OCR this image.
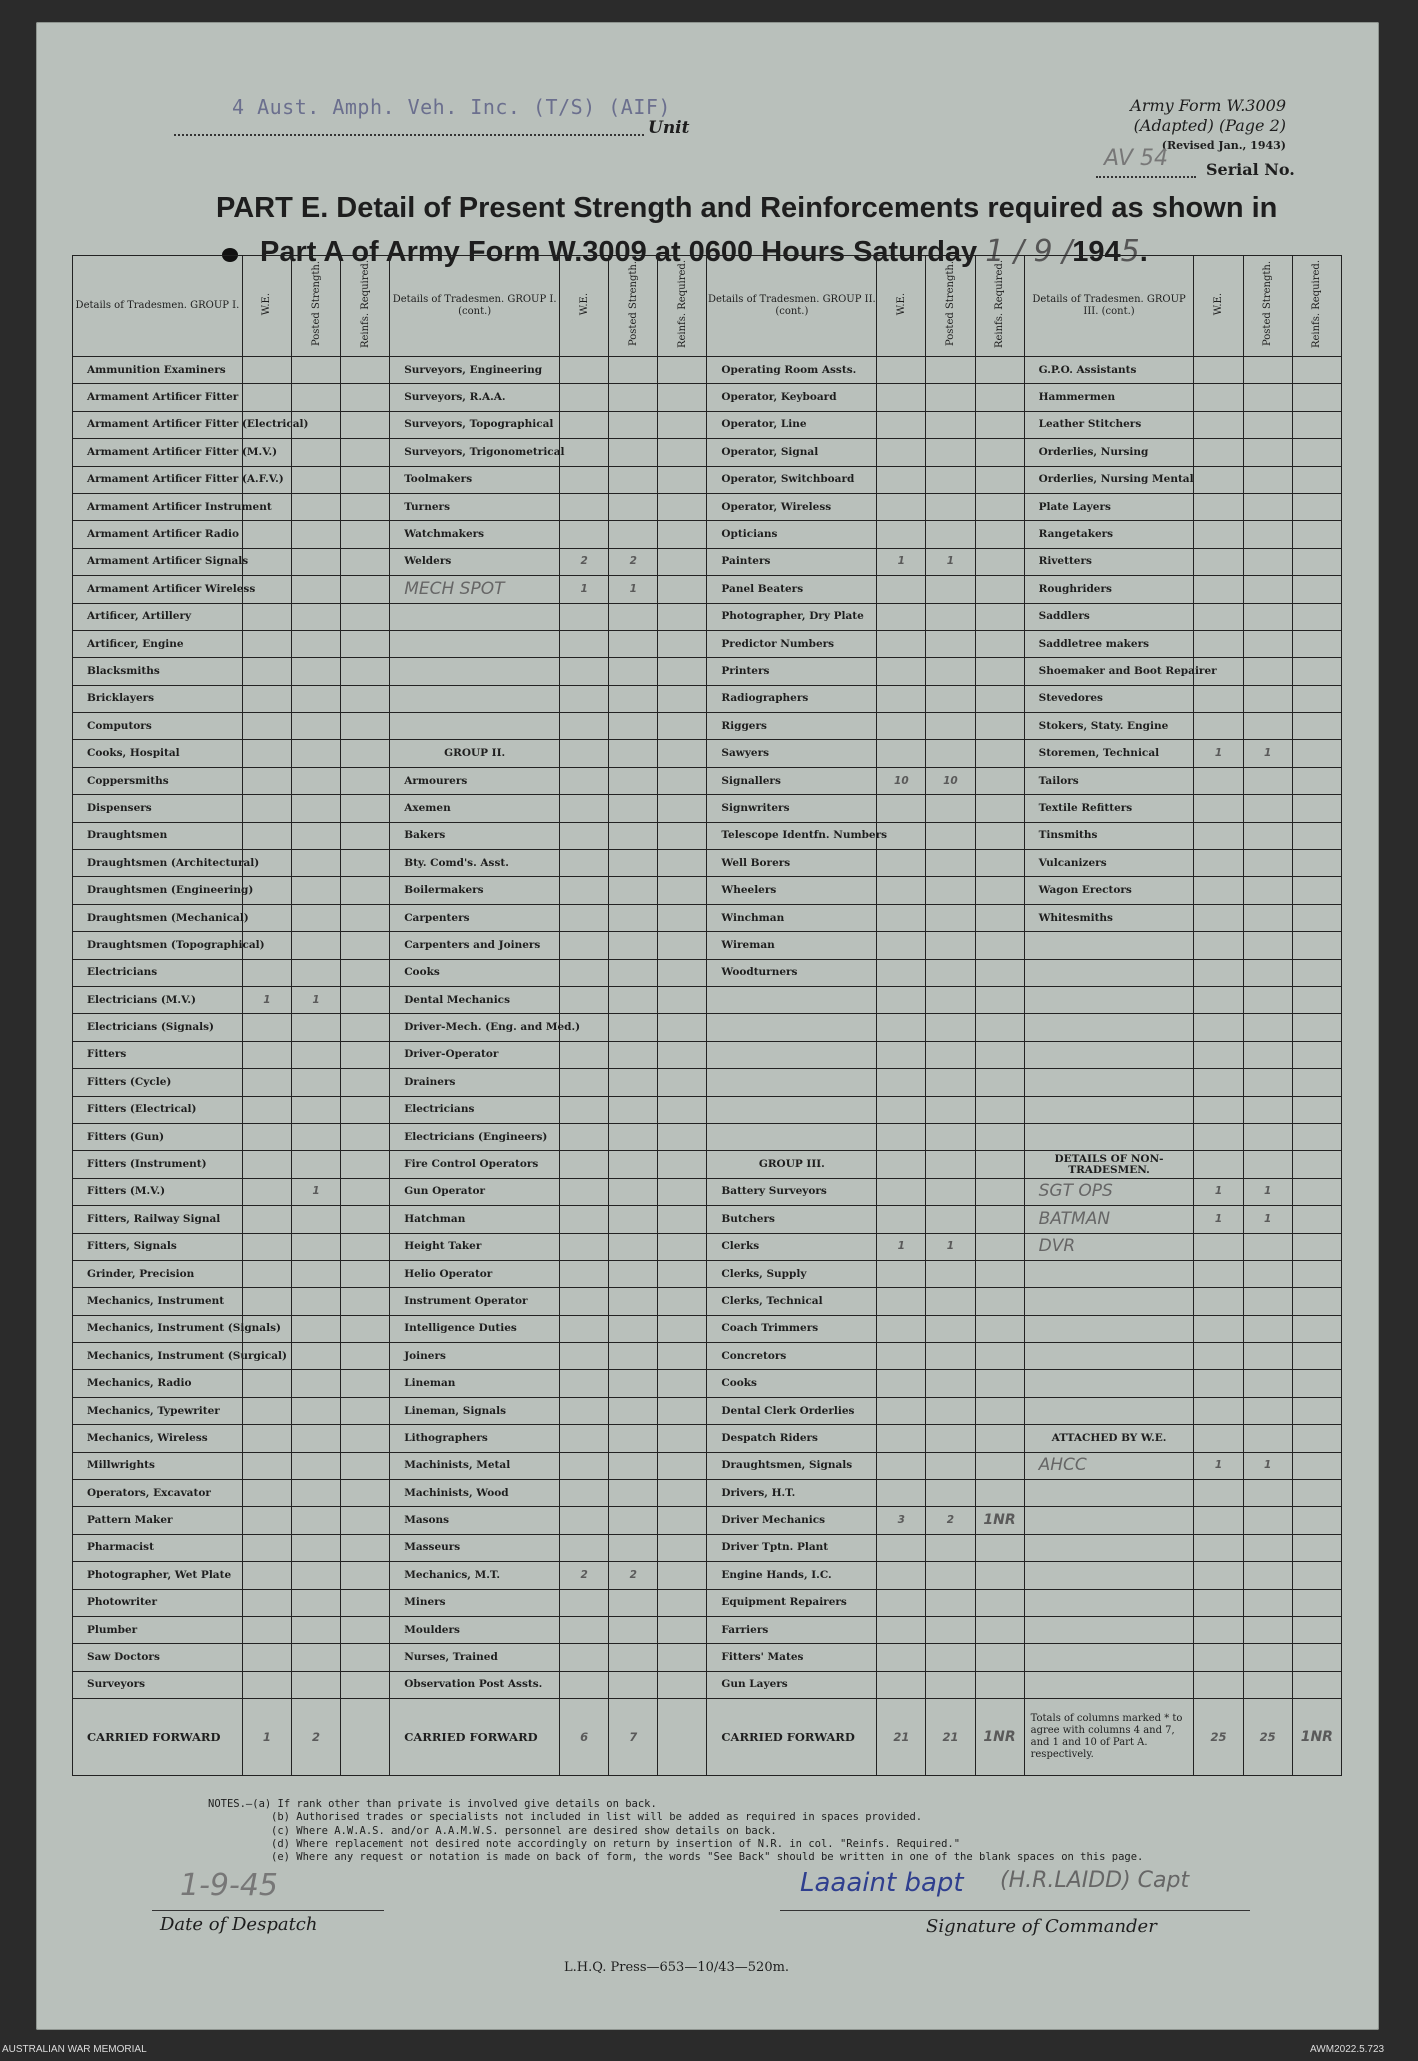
4 Aust. Amph. Veh. Inc. (T/S) (AIF)
Unit
Army Form W.3009
(Adapted) (Page 2)
(Revised Jan., 1943)
AV 54 Serial No.
PART E. Detail of Present Strength and Reinforcements required as shown in
Part A of Army Form W.3009 at 0600 Hours Saturday 1 / 9 /1945.
Details of Tradesmen. GROUP I.	W.E.	Posted Strength.	Reinfs. Required.	Details of Tradesmen. GROUP I. (cont.)	W.E.	Posted Strength.	Reinfs. Required.	Details of Tradesmen. GROUP II. (cont.)	W.E.	Posted Strength.	Reinfs. Required.	Details of Tradesmen. GROUP III. (cont.)	W.E.	Posted Strength.	Reinfs. Required.
Ammunition Examiners				Surveyors, Engineering				Operating Room Assts.				G.P.O. Assistants			
Armament Artificer Fitter				Surveyors, R.A.A.				Operator, Keyboard				Hammermen			
Armament Artificer Fitter (Electrical)				Surveyors, Topographical				Operator, Line				Leather Stitchers			
Armament Artificer Fitter (M.V.)				Surveyors, Trigonometrical				Operator, Signal				Orderlies, Nursing			
Armament Artificer Fitter (A.F.V.)				Toolmakers				Operator, Switchboard				Orderlies, Nursing Mental			
Armament Artificer Instrument				Turners				Operator, Wireless				Plate Layers			
Armament Artificer Radio				Watchmakers				Opticians				Rangetakers			
Armament Artificer Signals				Welders	2	2		Painters	1	1		Rivetters			
Armament Artificer Wireless				MECH SPOT	1	1		Panel Beaters				Roughriders			
Artificer, Artillery								Photographer, Dry Plate				Saddlers			
Artificer, Engine								Predictor Numbers				Saddletree makers			
Blacksmiths								Printers				Shoemaker and Boot Repairer			
Bricklayers								Radiographers				Stevedores			
Computors								Riggers				Stokers, Staty. Engine			
Cooks, Hospital				GROUP II.				Sawyers				Storemen, Technical	1	1	
Coppersmiths				Armourers				Signallers	10	10		Tailors			
Dispensers				Axemen				Signwriters				Textile Refitters			
Draughtsmen				Bakers				Telescope Identfn. Numbers				Tinsmiths			
Draughtsmen (Architectural)				Bty. Comd's. Asst.				Well Borers				Vulcanizers			
Draughtsmen (Engineering)				Boilermakers				Wheelers				Wagon Erectors			
Draughtsmen (Mechanical)				Carpenters				Winchman				Whitesmiths			
Draughtsmen (Topographical)				Carpenters and Joiners				Wireman							
Electricians				Cooks				Woodturners							
Electricians (M.V.)	1	1		Dental Mechanics											
Electricians (Signals)				Driver-Mech. (Eng. and Med.)											
Fitters				Driver-Operator											
Fitters (Cycle)				Drainers											
Fitters (Electrical)				Electricians											
Fitters (Gun)				Electricians (Engineers)											
Fitters (Instrument)				Fire Control Operators				GROUP III.				DETAILS OF NON-TRADESMEN.			
Fitters (M.V.)		1		Gun Operator				Battery Surveyors				SGT OPS	1	1	
Fitters, Railway Signal				Hatchman				Butchers				BATMAN	1	1	
Fitters, Signals				Height Taker				Clerks	1	1		DVR			
Grinder, Precision				Helio Operator				Clerks, Supply							
Mechanics, Instrument				Instrument Operator				Clerks, Technical							
Mechanics, Instrument (Signals)				Intelligence Duties				Coach Trimmers							
Mechanics, Instrument (Surgical)				Joiners				Concretors							
Mechanics, Radio				Lineman				Cooks							
Mechanics, Typewriter				Lineman, Signals				Dental Clerk Orderlies							
Mechanics, Wireless				Lithographers				Despatch Riders				ATTACHED BY W.E.			
Millwrights				Machinists, Metal				Draughtsmen, Signals				AHCC	1	1	
Operators, Excavator				Machinists, Wood				Drivers, H.T.							
Pattern Maker				Masons				Driver Mechanics	3	2	1NR				
Pharmacist				Masseurs				Driver Tptn. Plant							
Photographer, Wet Plate				Mechanics, M.T.	2	2		Engine Hands, I.C.							
Photowriter				Miners				Equipment Repairers							
Plumber				Moulders				Farriers							
Saw Doctors				Nurses, Trained				Fitters' Mates							
Surveyors				Observation Post Assts.				Gun Layers							
CARRIED FORWARD	1	2		CARRIED FORWARD	6	7		CARRIED FORWARD	21	21	1NR	Totals of columns marked * to agree with columns 4 and 7, and 1 and 10 of Part A. respectively.	25	25	1NR
NOTES.—(a) If rank other than private is involved give details on back.
(b) Authorised trades or specialists not included in list will be added as required in spaces provided.
(c) Where A.W.A.S. and/or A.A.M.W.S. personnel are desired show details on back.
(d) Where replacement not desired note accordingly on return by insertion of N.R. in col. "Reinfs. Required."
(e) Where any request or notation is made on back of form, the words "See Back" should be written in one of the blank spaces on this page.
1-9-45
Date of Despatch
Laaaint bapt (H.R.LAIDD) Capt
Signature of Commander
L.H.Q. Press—653—10/43—520m.
AUSTRALIAN WAR MEMORIAL	AWM2022.5.723
